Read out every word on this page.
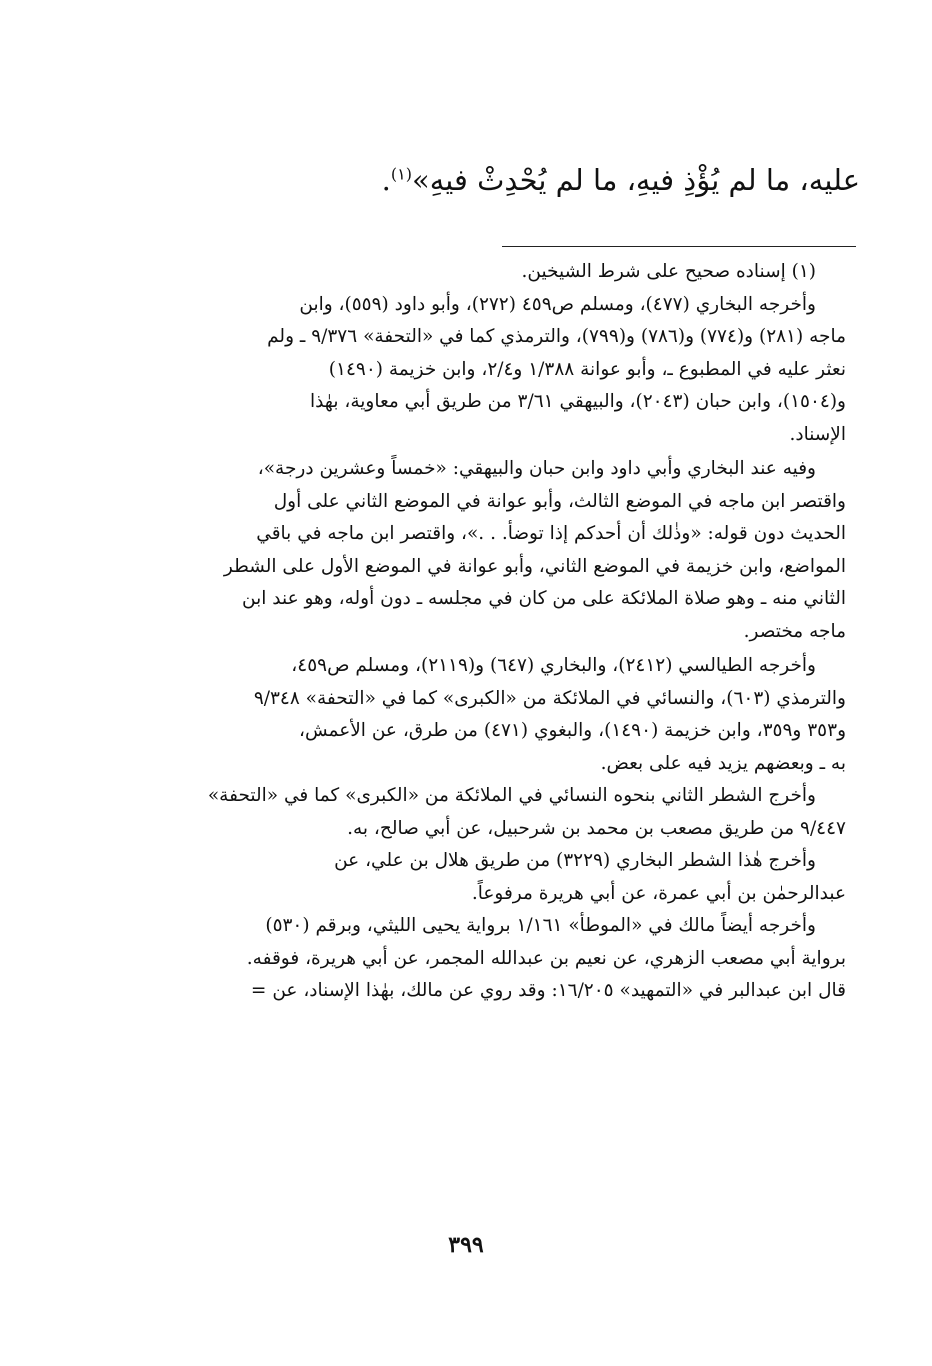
عليه، ما لم يُؤْذِ فيهِ، ما لم يُحْدِثْ فيهِ»$^{(١)}$.
(١) إسناده صحيح على شرط الشيخين.
وأخرجه البخاري (٤٧٧)، ومسلم ص٤٥٩ (٢٧٢)، وأبو داود (٥٥٩)، وابن
ماجه (٢٨١) و(٧٧٤) و(٧٨٦) و(٧٩٩)، والترمذي كما في «التحفة» ٩/٣٧٦ ـ ولم
نعثر عليه في المطبوع ـ، وأبو عوانة ١/٣٨٨ و٢/٤، وابن خزيمة (١٤٩٠)
و(١٥٠٤)، وابن حبان (٢٠٤٣)، والبيهقي ٣/٦١ من طريق أبي معاوية، بهٰذا
الإسناد.
وفيه عند البخاري وأبي داود وابن حبان والبيهقي: «خمساً وعشرين درجة»،
واقتصر ابن ماجه في الموضع الثالث، وأبو عوانة في الموضع الثاني على أول
الحديث دون قوله: «وذٰلك أن أحدكم إذا توضأ. . .»، واقتصر ابن ماجه في باقي
المواضع، وابن خزيمة في الموضع الثاني، وأبو عوانة في الموضع الأول على الشطر
الثاني منه ـ وهو صلاة الملائكة على من كان في مجلسه ـ دون أوله، وهو عند ابن
ماجه مختصر.
وأخرجه الطيالسي (٢٤١٢)، والبخاري (٦٤٧) و(٢١١٩)، ومسلم ص٤٥٩،
والترمذي (٦٠٣)، والنسائي في الملائكة من «الكبرى» كما في «التحفة» ٩/٣٤٨
و٣٥٣ و٣٥٩، وابن خزيمة (١٤٩٠)، والبغوي (٤٧١) من طرق، عن الأعمش،
به ـ وبعضهم يزيد فيه على بعض.
وأخرج الشطر الثاني بنحوه النسائي في الملائكة من «الكبرى» كما في «التحفة»
٩/٤٤٧ من طريق مصعب بن محمد بن شرحبيل، عن أبي صالح، به.
وأخرج هٰذا الشطر البخاري (٣٢٢٩) من طريق هلال بن علي، عن
عبدالرحمٰن بن أبي عمرة، عن أبي هريرة مرفوعاً.
وأخرجه أيضاً مالك في «الموطأ» ١/١٦١ برواية يحيى الليثي، وبرقم (٥٣٠)
برواية أبي مصعب الزهري، عن نعيم بن عبدالله المجمر، عن أبي هريرة، فوقفه.
قال ابن عبدالبر في «التمهيد» ١٦/٢٠٥: وقد روي عن مالك، بهٰذا الإسناد، عن =
٣٩٩
